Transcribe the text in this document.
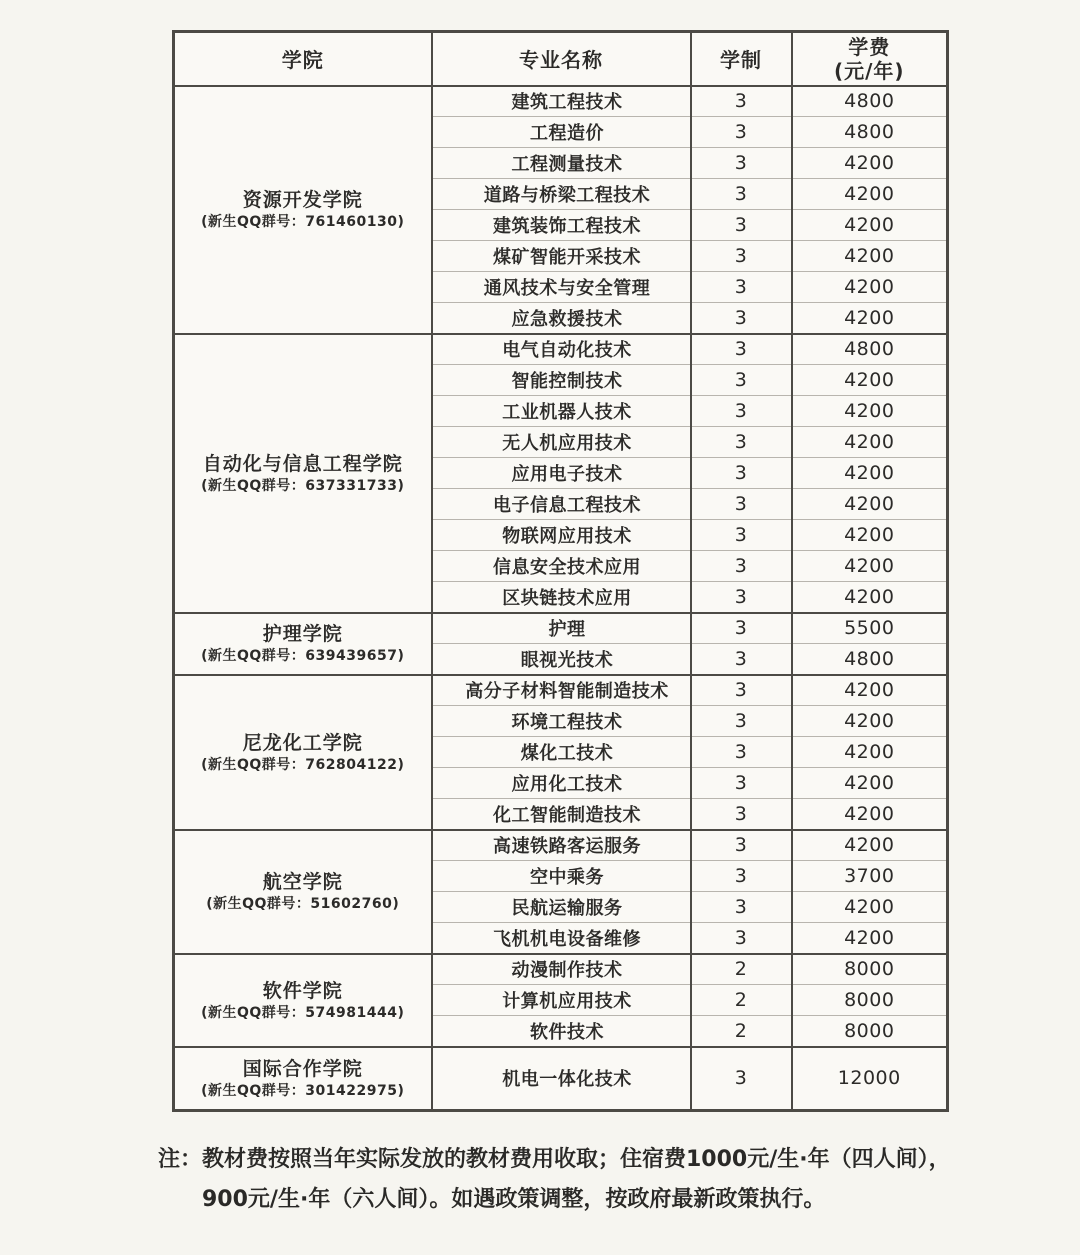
学院	专业名称	学制	学费
(元/年)

资源开发学院
(新生QQ群号：761460130)	建筑工程技术	3	4800
	工程造价	3	4800
	工程测量技术	3	4200
	道路与桥梁工程技术	3	4200
	建筑装饰工程技术	3	4200
	煤矿智能开采技术	3	4200
	通风技术与安全管理	3	4200
	应急救援技术	3	4200

自动化与信息工程学院
(新生QQ群号：637331733)	电气自动化技术	3	4800
	智能控制技术	3	4200
	工业机器人技术	3	4200
	无人机应用技术	3	4200
	应用电子技术	3	4200
	电子信息工程技术	3	4200
	物联网应用技术	3	4200
	信息安全技术应用	3	4200
	区块链技术应用	3	4200

护理学院
(新生QQ群号：639439657)	护理	3	5500
	眼视光技术	3	4800

尼龙化工学院
(新生QQ群号：762804122)	高分子材料智能制造技术	3	4200
	环境工程技术	3	4200
	煤化工技术	3	4200
	应用化工技术	3	4200
	化工智能制造技术	3	4200

航空学院
(新生QQ群号：51602760)	高速铁路客运服务	3	4200
	空中乘务	3	3700
	民航运输服务	3	4200
	飞机机电设备维修	3	4200

软件学院
(新生QQ群号：574981444)	动漫制作技术	2	8000
	计算机应用技术	2	8000
	软件技术	2	8000

国际合作学院
(新生QQ群号：301422975)	机电一体化技术	3	12000
注：教材费按照当年实际发放的教材费用收取；住宿费1000元/生·年（四人间），
900元/生·年（六人间）。如遇政策调整，按政府最新政策执行。
